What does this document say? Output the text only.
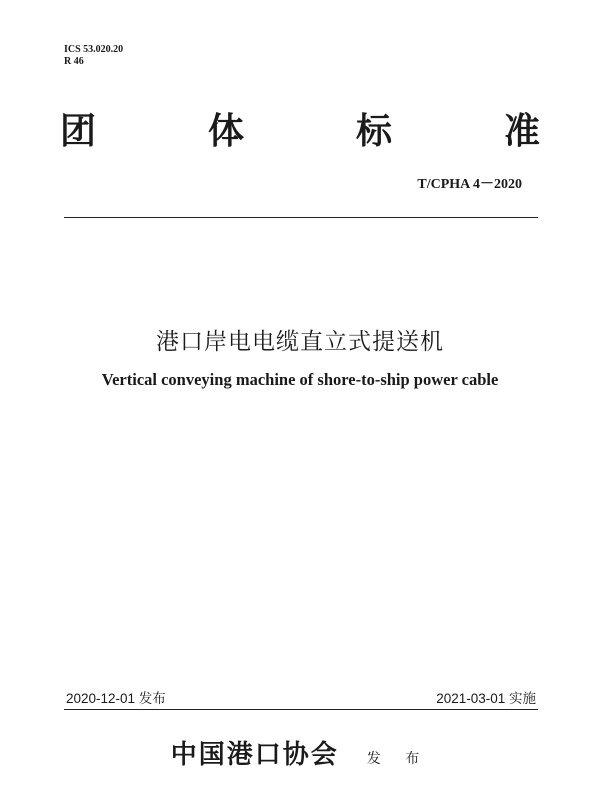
ICS 53.020.20
R 46
团	体	标	准
T/CPHA 4－2020
港口岸电电缆直立式提送机
Vertical conveying machine of shore-to-ship power cable
2020-12-01 发布	2021-03-01 实施
中国港口协会 发 布
